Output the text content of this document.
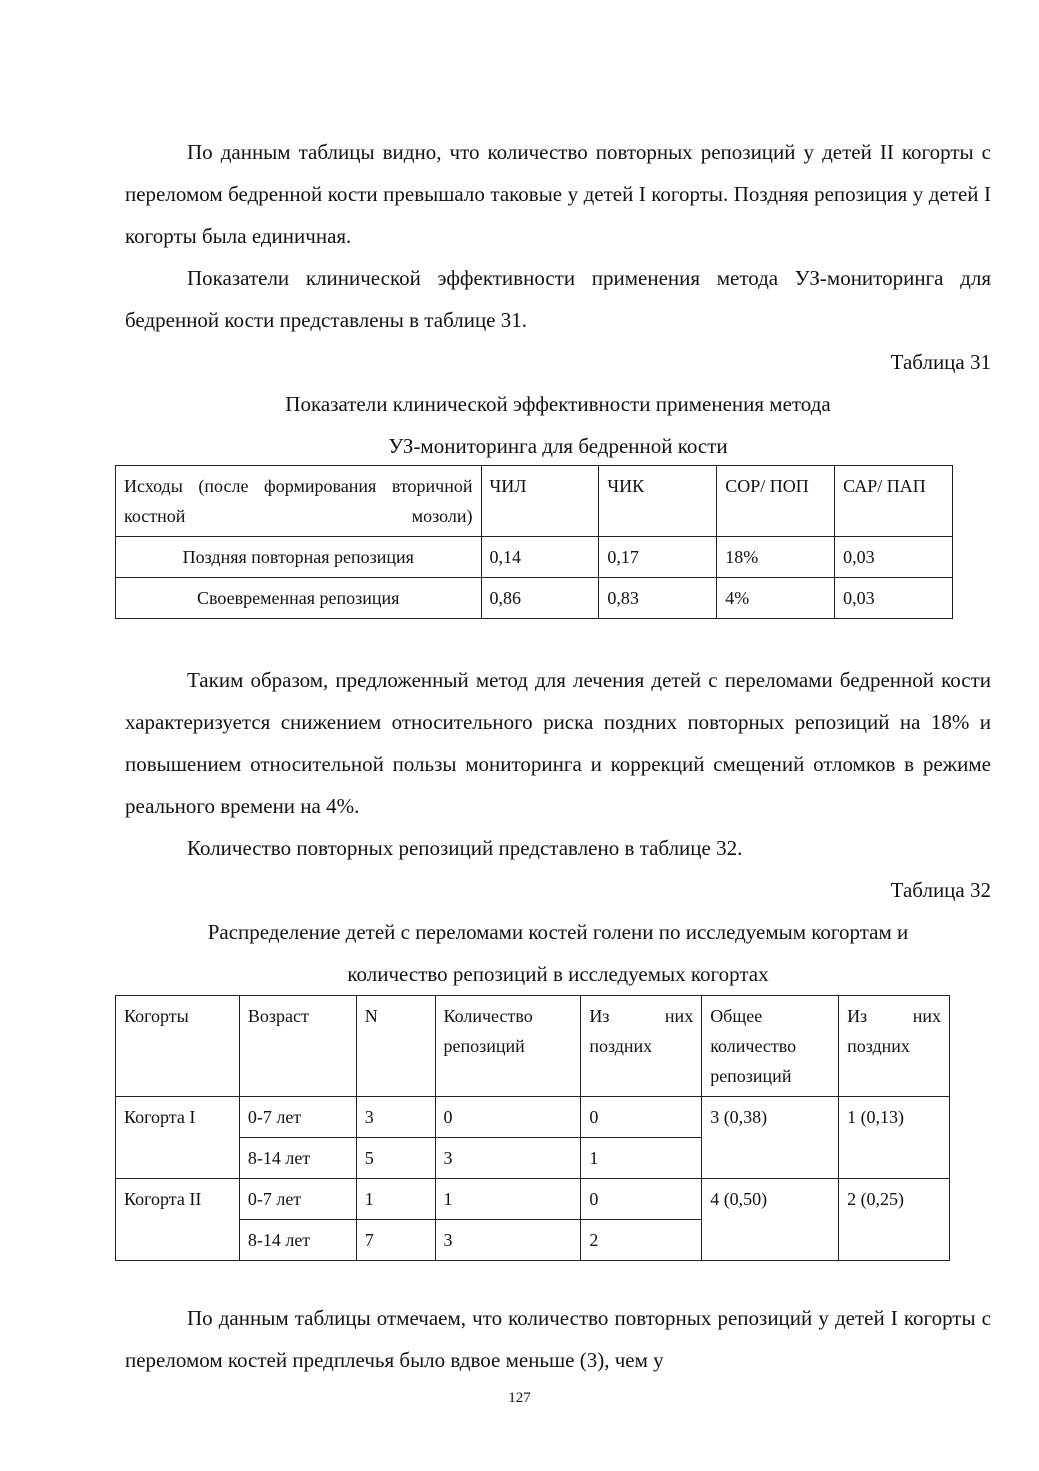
По данным таблицы видно, что количество повторных репозиций у детей II когорты с переломом бедренной кости превышало таковые у детей I когорты. Поздняя репозиция у детей I когорты была единичная.

Показатели клинической эффективности применения метода УЗ-мониторинга для бедренной кости представлены в таблице 31.

Таблица 31

Показатели клинической эффективности применения метода

УЗ-мониторинга для бедренной кости

Исходы (после формирования вторичной костной мозоли)	ЧИЛ	ЧИК	СОР/ ПОП	САР/ ПАП
Поздняя повторная репозиция	0,14	0,17	18%	0,03
Своевременная репозиция	0,86	0,83	4%	0,03

Таким образом, предложенный метод для лечения детей с переломами бедренной кости характеризуется снижением относительного риска поздних повторных репозиций на 18% и повышением относительной пользы мониторинга и коррекций смещений отломков в режиме реального времени на 4%.

Количество повторных репозиций представлено в таблице 32.

Таблица 32

Распределение детей с переломами костей голени по исследуемым когортам и

количество репозиций в исследуемых когортах

Когорты	Возраст	N	Количество репозиций	Из них поздних	Общее количество репозиций	Из них поздних
Когорта I	0-7 лет	3	0	0	3 (0,38)	1 (0,13)
	8-14 лет	5	3	1		
Когорта II	0-7 лет	1	1	0	4 (0,50)	2 (0,25)
	8-14 лет	7	3	2		

По данным таблицы отмечаем, что количество повторных репозиций у детей I когорты с переломом костей предплечья было вдвое меньше (3), чем у

127
